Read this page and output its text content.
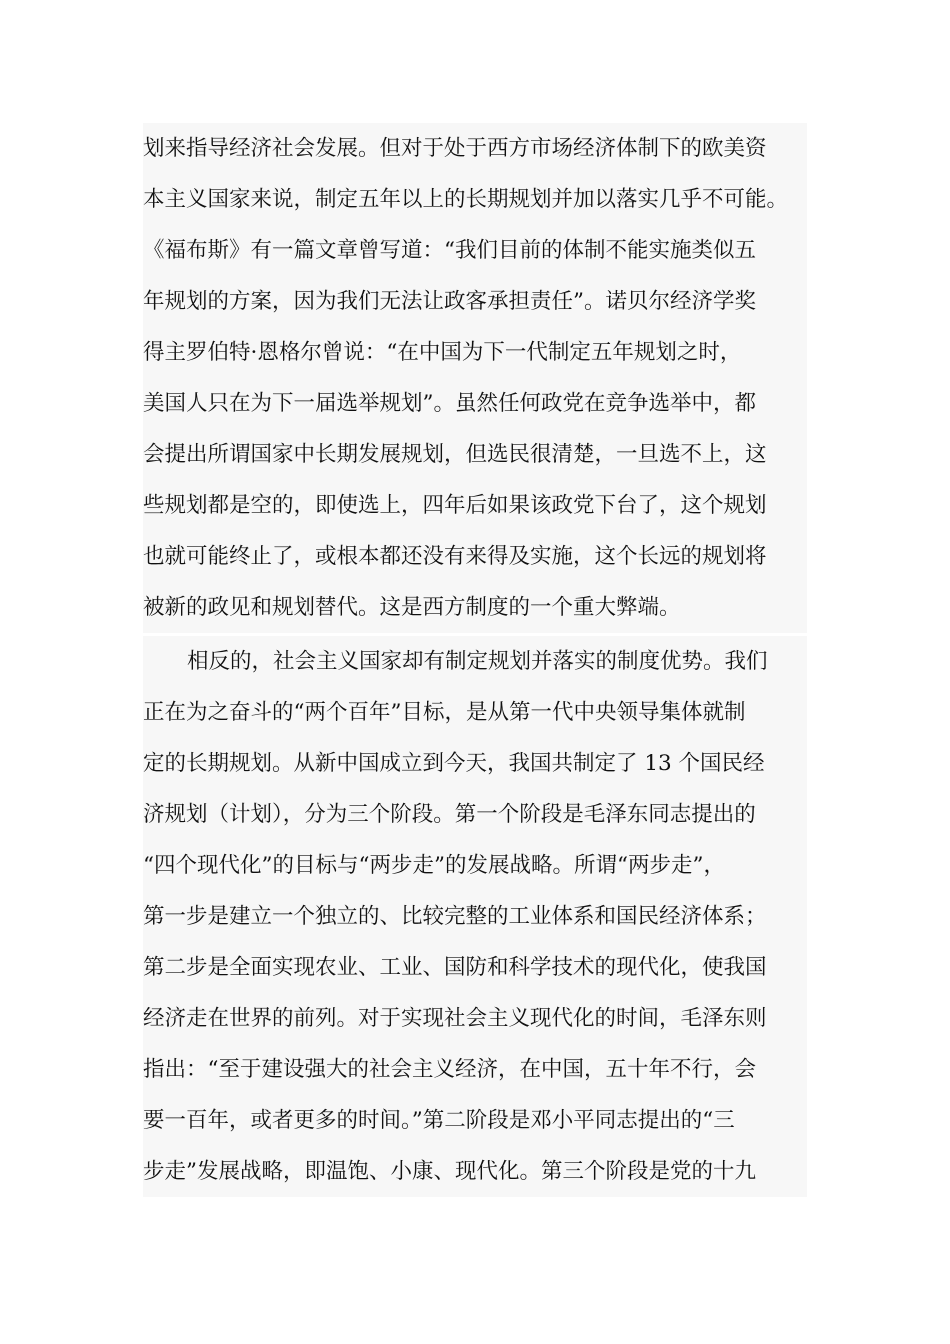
划来指导经济社会发展。但对于处于西方市场经济体制下的欧美资
本主义国家来说，制定五年以上的长期规划并加以落实几乎不可能。
《福布斯》有一篇文章曾写道：“我们目前的体制不能实施类似五
年规划的方案，因为我们无法让政客承担责任”。诺贝尔经济学奖
得主罗伯特·恩格尔曾说：“在中国为下一代制定五年规划之时，
美国人只在为下一届选举规划”。虽然任何政党在竞争选举中，都
会提出所谓国家中长期发展规划，但选民很清楚，一旦选不上，这
些规划都是空的，即使选上，四年后如果该政党下台了，这个规划
也就可能终止了，或根本都还没有来得及实施，这个长远的规划将
被新的政见和规划替代。这是西方制度的一个重大弊端。
相反的，社会主义国家却有制定规划并落实的制度优势。我们
正在为之奋斗的“两个百年”目标，是从第一代中央领导集体就制
定的长期规划。从新中国成立到今天，我国共制定了 13 个国民经
济规划（计划），分为三个阶段。第一个阶段是毛泽东同志提出的
“四个现代化”的目标与“两步走”的发展战略。所谓“两步走”，
第一步是建立一个独立的、比较完整的工业体系和国民经济体系；
第二步是全面实现农业、工业、国防和科学技术的现代化，使我国
经济走在世界的前列。对于实现社会主义现代化的时间，毛泽东则
指出：“至于建设强大的社会主义经济，在中国，五十年不行，会
要一百年，或者更多的时间。”第二阶段是邓小平同志提出的“三
步走”发展战略，即温饱、小康、现代化。第三个阶段是党的十九
